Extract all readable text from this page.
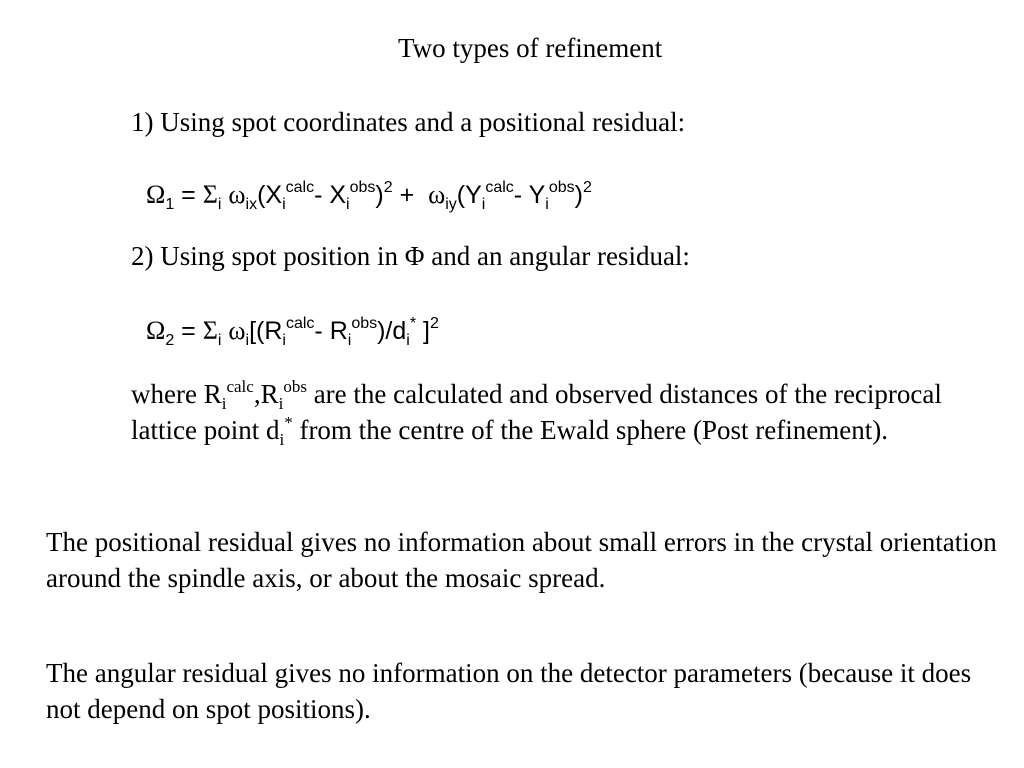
Two types of refinement
1) Using spot coordinates and a positional residual:
$\Omega_1 = \Sigma_i$ $\omega_{ix}(X_i^{calc}-$ $X_i^{obs})^2 + \omega_{iy}(Y_i^{calc}-$ $Y_i^{obs})^2$
2) Using spot position in Φ and an angular residual:
$\Omega_2 = \Sigma_i$ $\omega_i[(R_i^{calc}-$ $R_i^{obs})/d_i^*$ ]$^2$
where $R_i^{calc},R_i^{obs}$ are the calculated and observed distances of the reciprocal lattice point $d_i^*$ from the centre of the Ewald sphere (Post refinement).
The positional residual gives no information about small errors in the crystal orientation around the spindle axis, or about the mosaic spread.
The angular residual gives no information on the detector parameters (because it does not depend on spot positions).
